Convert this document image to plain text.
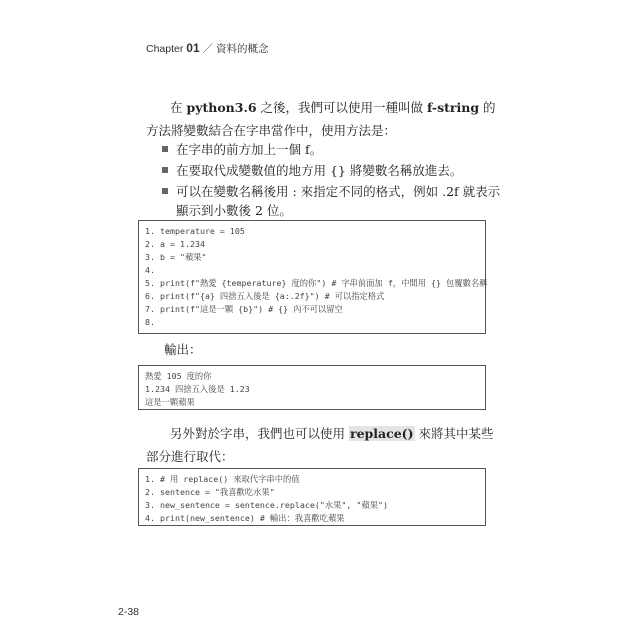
Chapter 01 ／ 資料的概念

在 python3.6 之後，我們可以使用一種叫做 f-string 的方法將變數結合在字串當作中，使用方法是：

在字串的前方加上一個 f。
在要取代成變數值的地方用 {} 將變數名稱放進去。
可以在變數名稱後用 : 來指定不同的格式，例如 .2f 就表示顯示到小數後 2 位。
1. temperature = 105
2. a = 1.234
3. b = "蘋果"
4.
5. print(f"熱愛 {temperature} 度的你") # 字串前面加 f，中間用 {} 包覆數名稱
6. print(f"{a} 四捨五入後是 {a:.2f}") # 可以指定格式
7. print(f"這是一顆 {b}") # {} 內不可以留空
8.
輸出：
熱愛 105 度的你
1.234 四捨五入後是 1.23
這是一顆蘋果

另外對於字串，我們也可以使用 replace() 來將其中某些部分進行取代：

1. # 用 replace() 來取代字串中的值
2. sentence = "我喜歡吃水果"
3. new_sentence = sentence.replace("水果", "蘋果")
4. print(new_sentence) # 輸出：我喜歡吃蘋果
2-38
